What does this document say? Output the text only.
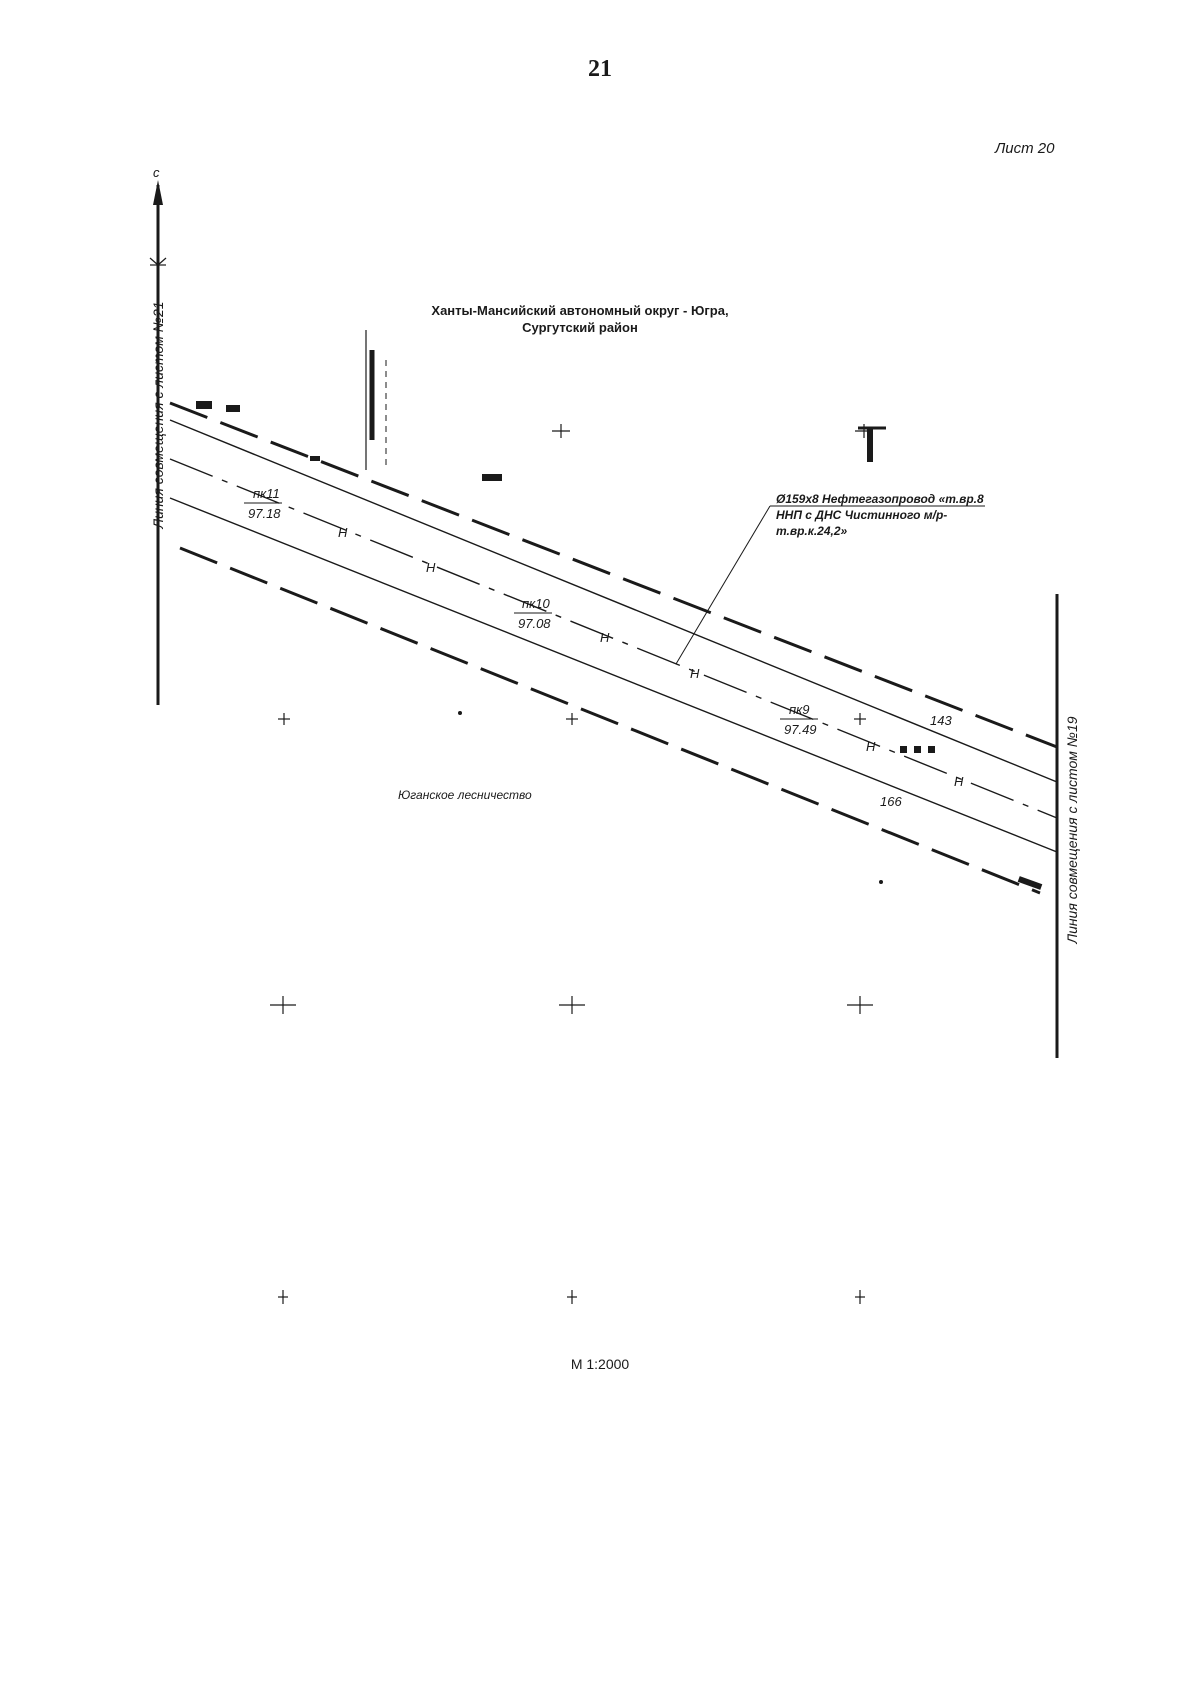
21
Лист 20
с
пк11
97.18
пк10
97.08
пк9
97.49
Н
Н
Н
Н
Н
Н
143
166
Ханты-Мансийский автономный округ - Югра, Сургутский район
Ø159х8 Нефтегазопровод «т.вр.8 ННП с ДНС Чистинного м/р-т.вр.к.24,2»
Юганское лесничество
Линия совмещения с листом №21
Линия совмещения с листом №19
М 1:2000
